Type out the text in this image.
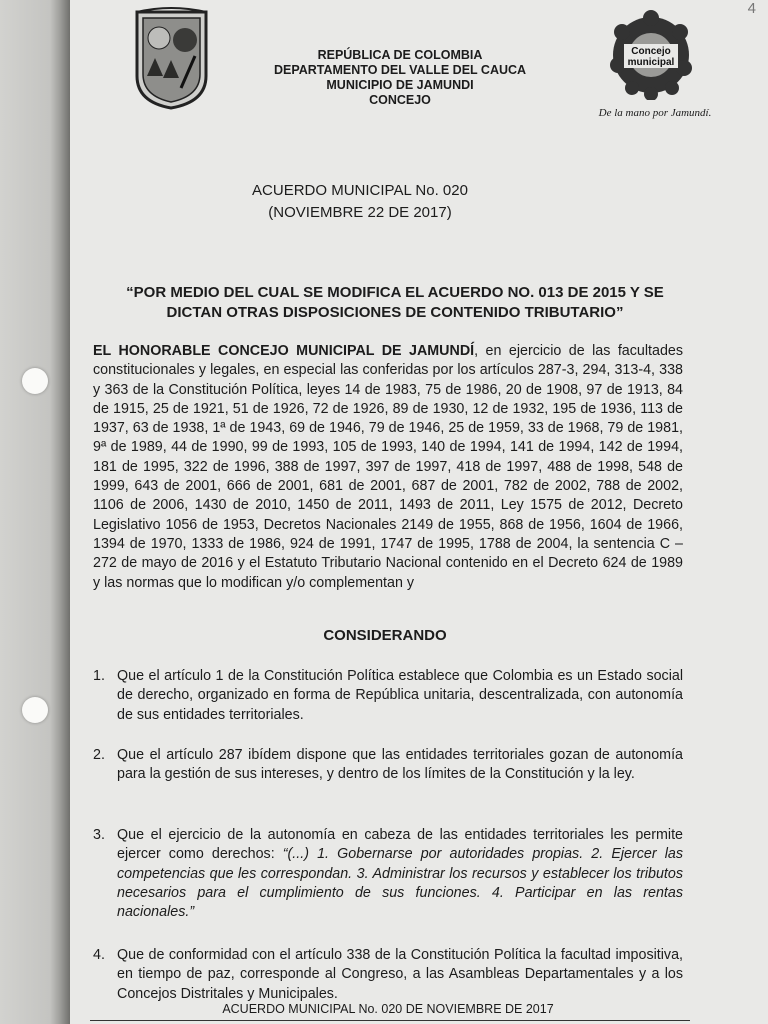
4
REPÚBLICA DE COLOMBIA
DEPARTAMENTO DEL VALLE DEL CAUCA
MUNICIPIO DE JAMUNDI
CONCEJO
Concejo
municipal
De la mano por Jamundí.
ACUERDO MUNICIPAL No. 020
(NOVIEMBRE 22 DE 2017)
“POR MEDIO DEL CUAL SE MODIFICA EL ACUERDO NO. 013 DE 2015 Y SE DICTAN OTRAS DISPOSICIONES DE CONTENIDO TRIBUTARIO”
EL HONORABLE CONCEJO MUNICIPAL DE JAMUNDÍ, en ejercicio de las facultades constitucionales y legales, en especial las conferidas por los artículos 287-3, 294, 313-4, 338 y 363 de la Constitución Política, leyes 14 de 1983, 75 de 1986, 20 de 1908, 97 de 1913, 84 de 1915, 25 de 1921, 51 de 1926, 72 de 1926, 89 de 1930, 12 de 1932, 195 de 1936, 113 de 1937, 63 de 1938, 1ª de 1943, 69 de 1946, 79 de 1946, 25 de 1959, 33 de 1968, 79 de 1981, 9ª de 1989, 44 de 1990, 99 de 1993, 105 de 1993, 140 de 1994, 141 de 1994, 142 de 1994, 181 de 1995, 322 de 1996, 388 de 1997, 397 de 1997, 418 de 1997, 488 de 1998, 548 de 1999, 643 de 2001, 666 de 2001, 681 de 2001, 687 de 2001, 782 de 2002, 788 de 2002, 1106 de 2006, 1430 de 2010, 1450 de 2011, 1493 de 2011, Ley 1575 de 2012, Decreto Legislativo 1056 de 1953, Decretos Nacionales 2149 de 1955, 868 de 1956, 1604 de 1966, 1394 de 1970, 1333 de 1986, 924 de 1991, 1747 de 1995, 1788 de 2004, la sentencia C – 272 de mayo de 2016 y el Estatuto Tributario Nacional contenido en el Decreto 624 de 1989 y las normas que lo modifican y/o complementan y
CONSIDERANDO
1. Que el artículo 1 de la Constitución Política establece que Colombia es un Estado social de derecho, organizado en forma de República unitaria, descentralizada, con autonomía de sus entidades territoriales.
2. Que el artículo 287 ibídem dispone que las entidades territoriales gozan de autonomía para la gestión de sus intereses, y dentro de los límites de la Constitución y la ley.
3. Que el ejercicio de la autonomía en cabeza de las entidades territoriales les permite ejercer como derechos: “(...) 1. Gobernarse por autoridades propias. 2. Ejercer las competencias que les correspondan. 3. Administrar los recursos y establecer los tributos necesarios para el cumplimiento de sus funciones. 4. Participar en las rentas nacionales.”
4. Que de conformidad con el artículo 338 de la Constitución Política la facultad impositiva, en tiempo de paz, corresponde al Congreso, a las Asambleas Departamentales y a los Concejos Distritales y Municipales.
ACUERDO MUNICIPAL No. 020 DE NOVIEMBRE DE 2017
